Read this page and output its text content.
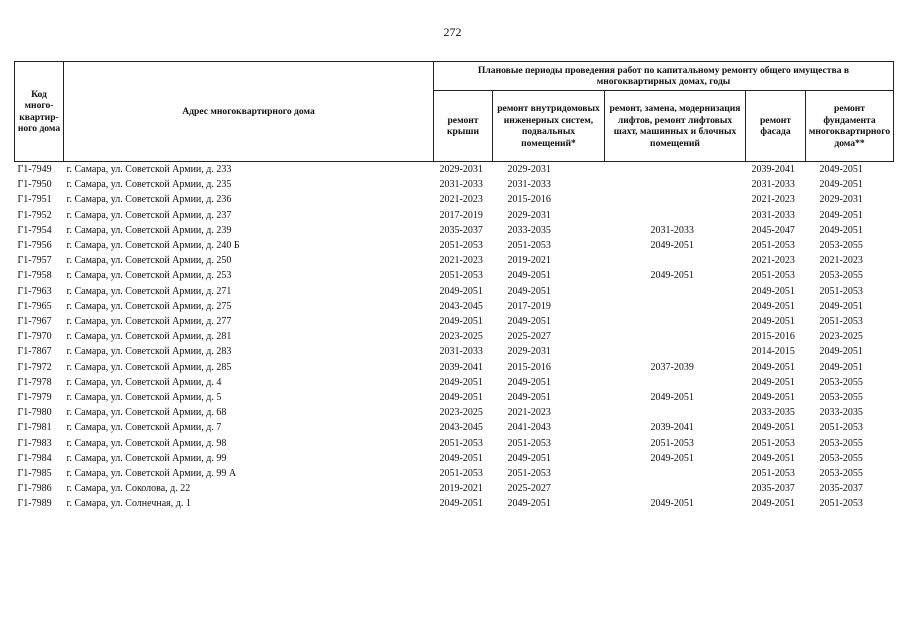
272
Код много-квартир-ного дома	Адрес многоквартирного дома	Плановые периоды проведения работ по капитальному ремонту общего имущества в многоквартирных домах, годы				
		ремонт крыши	ремонт внутридомовых инженерных систем, подвальных помещений*	ремонт, замена, модернизация лифтов, ремонт лифтовых шахт, машинных и блочных помещений	ремонт фасада	ремонт фундамента многоквартирного дома**
Г1-7949	г. Самара, ул. Советской Армии, д. 233	2029-2031	2029-2031		2039-2041	2049-2051
Г1-7950	г. Самара, ул. Советской Армии, д. 235	2031-2033	2031-2033		2031-2033	2049-2051
Г1-7951	г. Самара, ул. Советской Армии, д. 236	2021-2023	2015-2016		2021-2023	2029-2031
Г1-7952	г. Самара, ул. Советской Армии, д. 237	2017-2019	2029-2031		2031-2033	2049-2051
Г1-7954	г. Самара, ул. Советской Армии, д. 239	2035-2037	2033-2035	2031-2033	2045-2047	2049-2051
Г1-7956	г. Самара, ул. Советской Армии, д. 240 Б	2051-2053	2051-2053	2049-2051	2051-2053	2053-2055
Г1-7957	г. Самара, ул. Советской Армии, д. 250	2021-2023	2019-2021		2021-2023	2021-2023
Г1-7958	г. Самара, ул. Советской Армии, д. 253	2051-2053	2049-2051	2049-2051	2051-2053	2053-2055
Г1-7963	г. Самара, ул. Советской Армии, д. 271	2049-2051	2049-2051		2049-2051	2051-2053
Г1-7965	г. Самара, ул. Советской Армии, д. 275	2043-2045	2017-2019		2049-2051	2049-2051
Г1-7967	г. Самара, ул. Советской Армии, д. 277	2049-2051	2049-2051		2049-2051	2051-2053
Г1-7970	г. Самара, ул. Советской Армии, д. 281	2023-2025	2025-2027		2015-2016	2023-2025
Г1-7867	г. Самара, ул. Советской Армии, д. 283	2031-2033	2029-2031		2014-2015	2049-2051
Г1-7972	г. Самара, ул. Советской Армии, д. 285	2039-2041	2015-2016	2037-2039	2049-2051	2049-2051
Г1-7978	г. Самара, ул. Советской Армии, д. 4	2049-2051	2049-2051		2049-2051	2053-2055
Г1-7979	г. Самара, ул. Советской Армии, д. 5	2049-2051	2049-2051	2049-2051	2049-2051	2053-2055
Г1-7980	г. Самара, ул. Советской Армии, д. 68	2023-2025	2021-2023		2033-2035	2033-2035
Г1-7981	г. Самара, ул. Советской Армии, д. 7	2043-2045	2041-2043	2039-2041	2049-2051	2051-2053
Г1-7983	г. Самара, ул. Советской Армии, д. 98	2051-2053	2051-2053	2051-2053	2051-2053	2053-2055
Г1-7984	г. Самара, ул. Советской Армии, д. 99	2049-2051	2049-2051	2049-2051	2049-2051	2053-2055
Г1-7985	г. Самара, ул. Советской Армии, д. 99 А	2051-2053	2051-2053		2051-2053	2053-2055
Г1-7986	г. Самара, ул. Соколова, д. 22	2019-2021	2025-2027		2035-2037	2035-2037
Г1-7989	г. Самара, ул. Солнечная, д. 1	2049-2051	2049-2051	2049-2051	2049-2051	2051-2053
